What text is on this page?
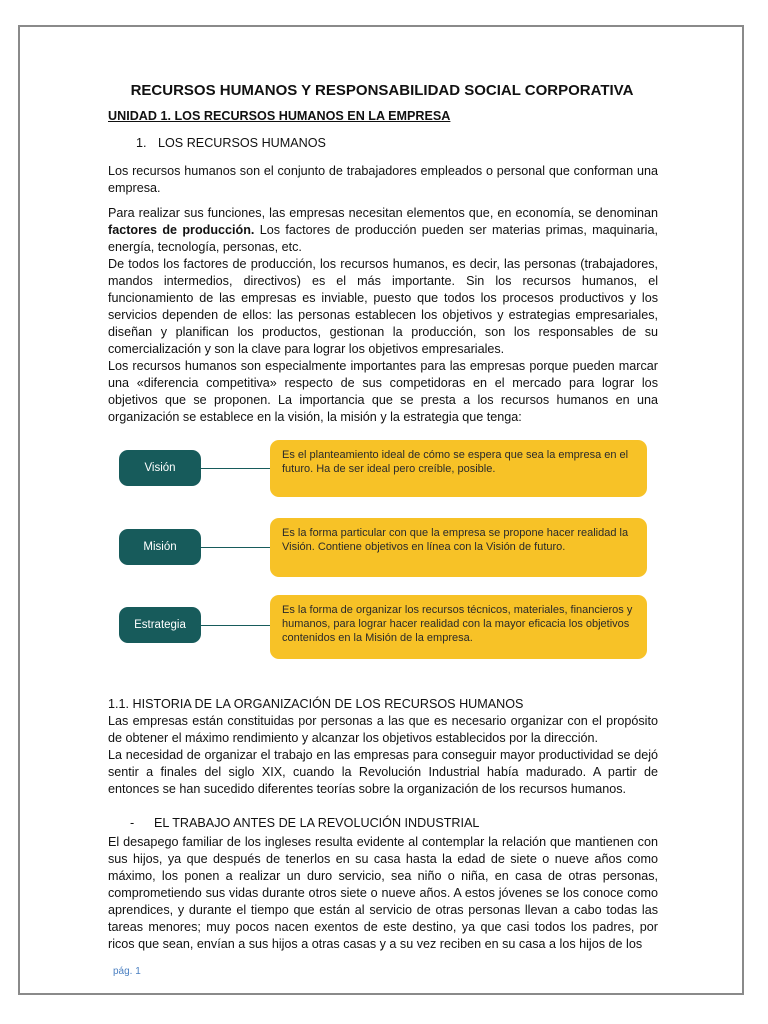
RECURSOS HUMANOS Y RESPONSABILIDAD SOCIAL CORPORATIVA
UNIDAD 1. LOS RECURSOS HUMANOS EN LA EMPRESA
1. LOS RECURSOS HUMANOS

Los recursos humanos son el conjunto de trabajadores empleados o personal que conforman una empresa.

Para realizar sus funciones, las empresas necesitan elementos que, en economía, se denominan factores de producción. Los factores de producción pueden ser materias primas, maquinaria, energía, tecnología, personas, etc.

De todos los factores de producción, los recursos humanos, es decir, las personas (trabajadores, mandos intermedios, directivos) es el más importante. Sin los recursos humanos, el funcionamiento de las empresas es inviable, puesto que todos los procesos productivos y los servicios dependen de ellos: las personas establecen los objetivos y estrategias empresariales, diseñan y planifican los productos, gestionan la producción, son los responsables de su comercialización y son la clave para lograr los objetivos empresariales.

Los recursos humanos son especialmente importantes para las empresas porque pueden marcar una «diferencia competitiva» respecto de sus competidoras en el mercado para lograr los objetivos que se proponen. La importancia que se presta a los recursos humanos en una organización se establece en la visión, la misión y la estrategia que tenga:

Visión
Es el planteamiento ideal de cómo se espera que sea la empresa en el futuro. Ha de ser ideal pero creíble, posible.
Misión
Es la forma particular con que la empresa se propone hacer realidad la Visión. Contiene objetivos en línea con la Visión de futuro.
Estrategia
Es la forma de organizar los recursos técnicos, materiales, financieros y humanos, para lograr hacer realidad con la mayor eficacia los objetivos contenidos en la Misión de la empresa.
1.1. HISTORIA DE LA ORGANIZACIÓN DE LOS RECURSOS HUMANOS

Las empresas están constituidas por personas a las que es necesario organizar con el propósito de obtener el máximo rendimiento y alcanzar los objetivos establecidos por la dirección.

La necesidad de organizar el trabajo en las empresas para conseguir mayor productividad se dejó sentir a finales del siglo XIX, cuando la Revolución Industrial había madurado. A partir de entonces se han sucedido diferentes teorías sobre la organización de los recursos humanos.

- EL TRABAJO ANTES DE LA REVOLUCIÓN INDUSTRIAL

El desapego familiar de los ingleses resulta evidente al contemplar la relación que mantienen con sus hijos, ya que después de tenerlos en su casa hasta la edad de siete o nueve años como máximo, los ponen a realizar un duro servicio, sea niño o niña, en casa de otras personas, comprometiendo sus vidas durante otros siete o nueve años. A estos jóvenes se los conoce como aprendices, y durante el tiempo que están al servicio de otras personas llevan a cabo todas las tareas menores; muy pocos nacen exentos de este destino, ya que casi todos los padres, por ricos que sean, envían a sus hijos a otras casas y a su vez reciben en su casa a los hijos de los

pág. 1
